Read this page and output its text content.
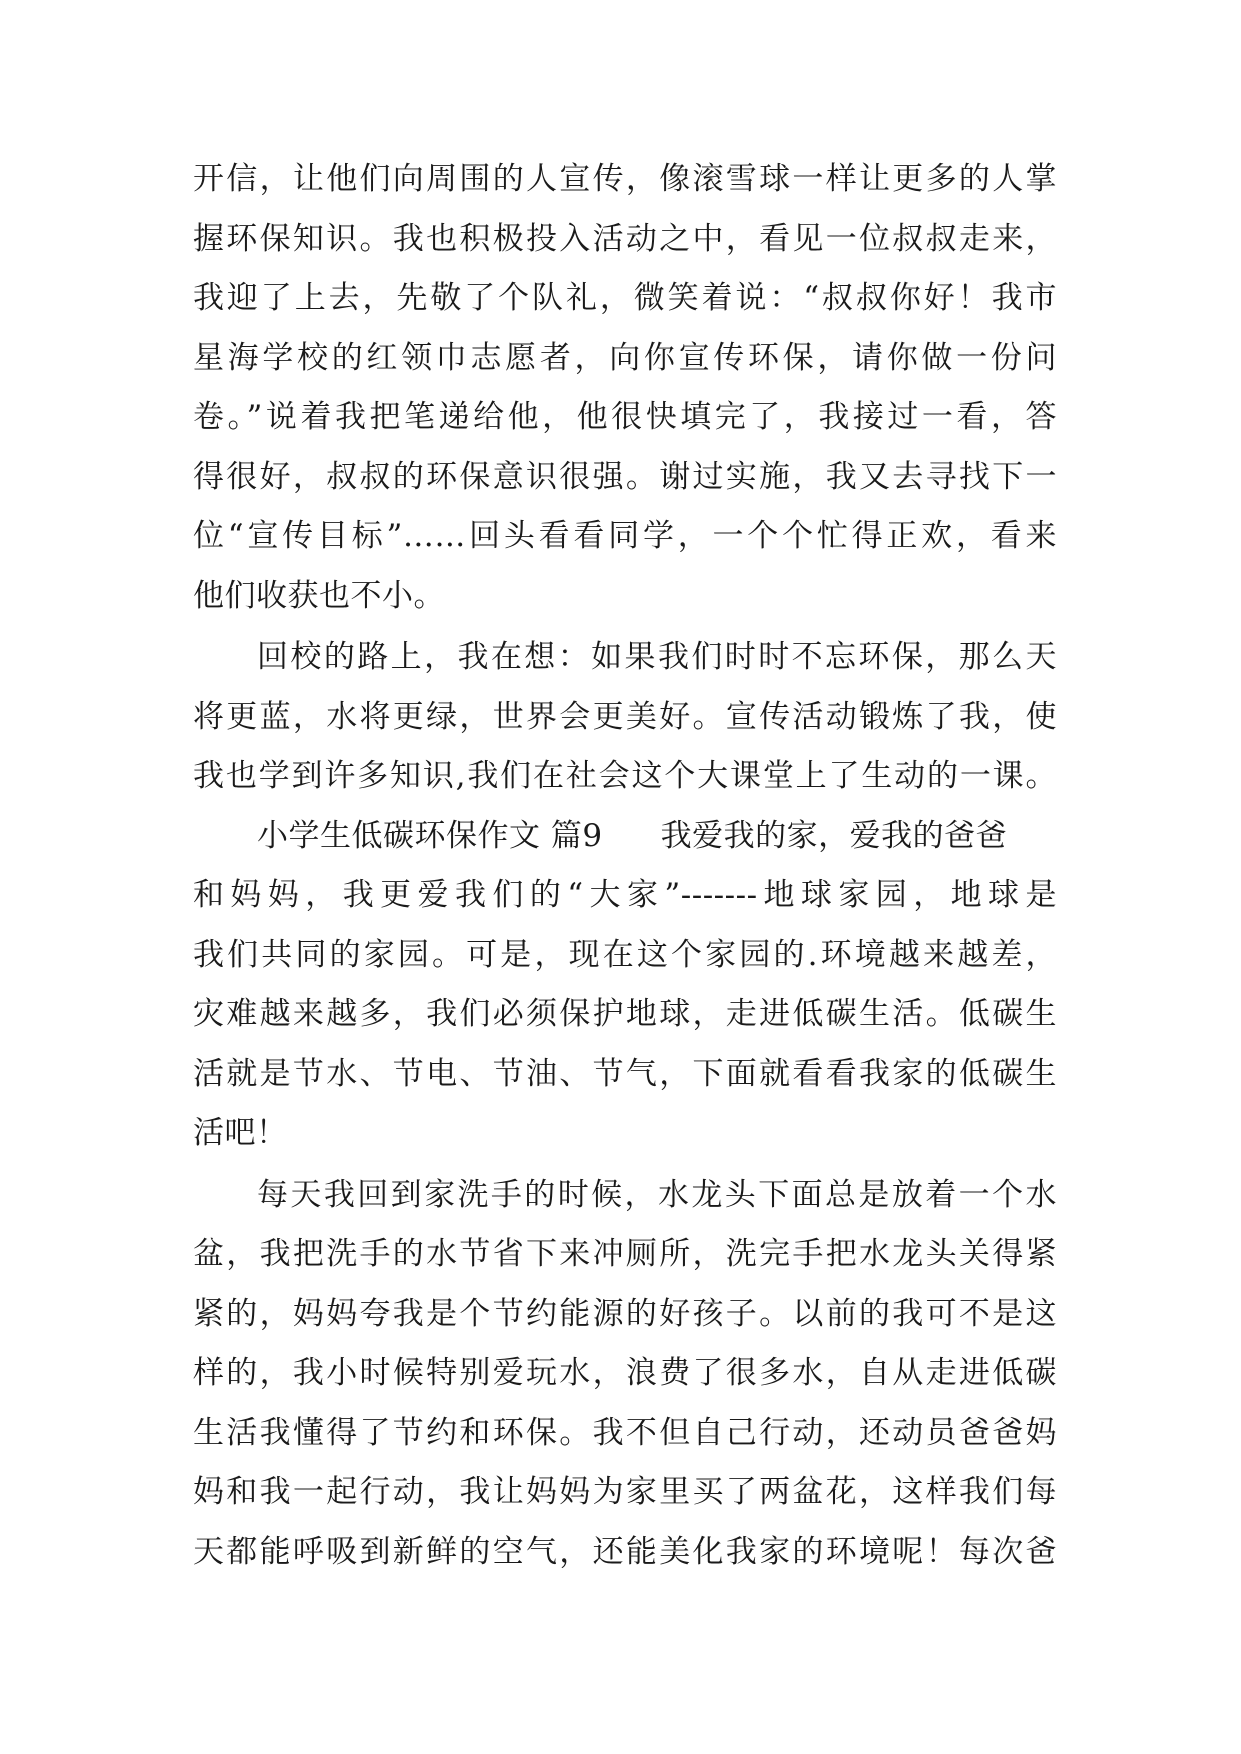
开信，让他们向周围的人宣传，像滚雪球一样让更多的人掌
握环保知识。我也积极投入活动之中，看见一位叔叔走来，
我迎了上去，先敬了个队礼，微笑着说：“叔叔你好！我市
星海学校的红领巾志愿者，向你宣传环保，请你做一份问
卷。”说着我把笔递给他，他很快填完了，我接过一看，答
得很好，叔叔的环保意识很强。谢过实施，我又去寻找下一
位“宣传目标”……回头看看同学，一个个忙得正欢，看来
他们收获也不小。
回校的路上，我在想：如果我们时时不忘环保，那么天
将更蓝，水将更绿，世界会更美好。宣传活动锻炼了我，使
我也学到许多知识,我们在社会这个大课堂上了生动的一课。
小学生低碳环保作文 篇9 我爱我的家，爱我的爸爸
和妈妈，我更爱我们的“大家”-------地球家园，地球是
我们共同的家园。可是，现在这个家园的.环境越来越差，
灾难越来越多，我们必须保护地球，走进低碳生活。低碳生
活就是节水、节电、节油、节气，下面就看看我家的低碳生
活吧！
每天我回到家洗手的时候，水龙头下面总是放着一个水
盆，我把洗手的水节省下来冲厕所，洗完手把水龙头关得紧
紧的，妈妈夸我是个节约能源的好孩子。以前的我可不是这
样的，我小时候特别爱玩水，浪费了很多水，自从走进低碳
生活我懂得了节约和环保。我不但自己行动，还动员爸爸妈
妈和我一起行动，我让妈妈为家里买了两盆花，这样我们每
天都能呼吸到新鲜的空气，还能美化我家的环境呢！每次爸
